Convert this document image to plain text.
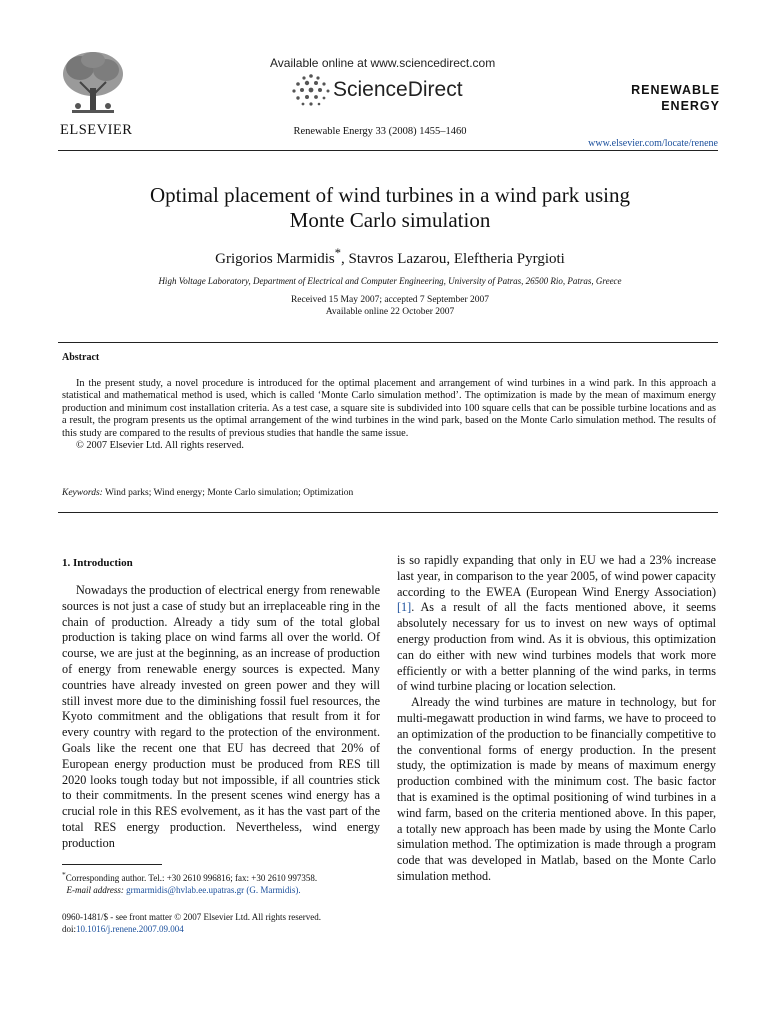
Available online at www.sciencedirect.com
ScienceDirect
Renewable Energy 33 (2008) 1455–1460
ELSEVIER
RENEWABLE
ENERGY
www.elsevier.com/locate/renene
Optimal placement of wind turbines in a wind park using
Monte Carlo simulation
Grigorios Marmidis*, Stavros Lazarou, Eleftheria Pyrgioti
High Voltage Laboratory, Department of Electrical and Computer Engineering, University of Patras, 26500 Rio, Patras, Greece
Received 15 May 2007; accepted 7 September 2007
Available online 22 October 2007
Abstract

In the present study, a novel procedure is introduced for the optimal placement and arrangement of wind turbines in a wind park. In this approach a statistical and mathematical method is used, which is called ‘Monte Carlo simulation method’. The optimization is made by the mean of maximum energy production and minimum cost installation criteria. As a test case, a square site is subdivided into 100 square cells that can be possible turbine locations and as a result, the program presents us the optimal arrangement of the wind turbines in the wind park, based on the Monte Carlo simulation method. The results of this study are compared to the results of previous studies that handle the same issue.

© 2007 Elsevier Ltd. All rights reserved.

Keywords: Wind parks; Wind energy; Monte Carlo simulation; Optimization
1. Introduction

Nowadays the production of electrical energy from renewable sources is not just a case of study but an irreplaceable ring in the chain of production. Already a tidy sum of the total global production is taking place on wind farms all over the world. Of course, we are just at the beginning, as an increase of production of energy from renewable energy sources is expected. Many countries have already invested on green power and they will still invest more due to the diminishing fossil fuel resources, the Kyoto commitment and the obligations that result from it for every country with regard to the protection of the environment. Goals like the recent one that EU has decreed that 20% of European energy production must be produced from RES till 2020 looks tough today but not impossible, if all countries stick to their commitments. In the present scenes wind energy has a crucial role in this RES evolvement, as it has the vast part of the total RES energy production. Nevertheless, wind energy production

is so rapidly expanding that only in EU we had a 23% increase last year, in comparison to the year 2005, of wind power capacity according to the EWEA (European Wind Energy Association) [1]. As a result of all the facts mentioned above, it seems absolutely necessary for us to invest on new ways of optimal energy production from wind. As it is obvious, this optimization can do either with new wind turbines models that work more efficiently or with a better planning of the wind parks, in terms of wind turbine placing or location selection.

Already the wind turbines are mature in technology, but for multi-megawatt production in wind farms, we have to proceed to an optimization of the production to be financially competitive to the conventional forms of energy production. In the present study, the optimization is made by means of maximum energy production combined with the minimum cost. The basic factor that is examined is the optimal positioning of wind turbines in a wind farm, based on the criteria mentioned above. In this paper, a totally new approach has been made by using the Monte Carlo simulation method. The optimization is made through a program code that was developed in Matlab, based on the Monte Carlo simulation method.

*Corresponding author. Tel.: +30 2610 996816; fax: +30 2610 997358.
E-mail address: grmarmidis@hvlab.ee.upatras.gr (G. Marmidis).
0960-1481/$ - see front matter © 2007 Elsevier Ltd. All rights reserved.
doi:10.1016/j.renene.2007.09.004
